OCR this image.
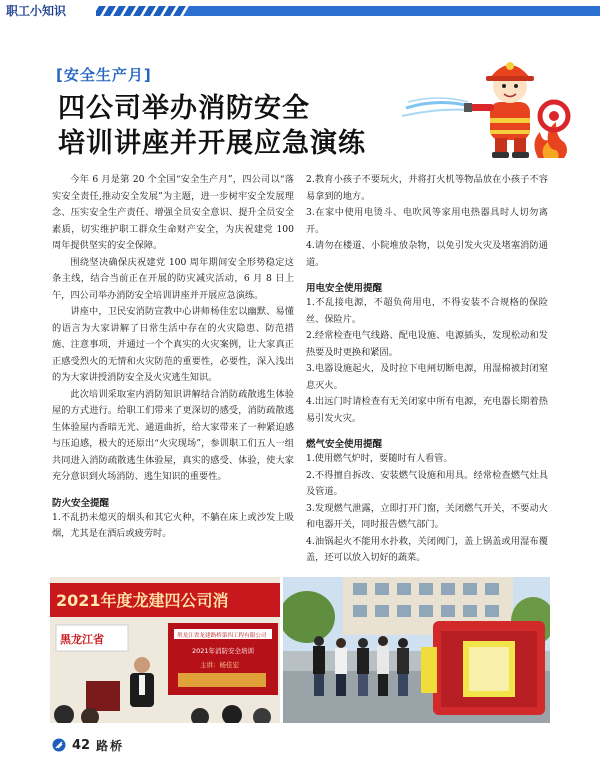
职工小知识
[安全生产月]
四公司举办消防安全
培训讲座并开展应急演练

今年 6 月是第 20 个全国“安全生产月”，四公司以“落实安全责任,推动安全发展”为主题，进一步树牢安全发展理念、压实安全生产责任、增强全员安全意识、提升全员安全素质，切实维护职工群众生命财产安全，为庆祝建党 100 周年提供坚实的安全保障。

围绕坚决确保庆祝建党 100 周年期间安全形势稳定这条主线，结合当前正在开展的防灾减灾活动，6 月 8 日上午，四公司举办消防安全培训讲座并开展应急演练。

讲座中，卫民安消防宣教中心讲师杨佳宏以幽默、易懂的语言为大家讲解了日常生活中存在的火灾隐患、防范措施、注意事项，并通过一个个真实的火灾案例，让大家真正正感受烈火的无情和火灾防范的重要性，必要性，深入浅出的为大家讲授消防安全及火灾逃生知识。

此次培训采取室内消防知识讲解结合消防疏散逃生体验屋的方式进行。给职工们带来了更深切的感受，消防疏散逃生体验屋内香暗无光、通道曲折，给大家带来了一种紧迫感与压迫感，极大的还原出“火灾现场”，参训职工们五人一组共同进入消防疏散逃生体验屋，真实的感受、体验，使大家充分意识到火场消防、逃生知识的重要性。

防火安全提醒

1.不乱扔未熄灭的烟头和其它火种，不躺在床上或沙发上吸烟，尤其是在酒后或疲劳时。

2.教育小孩子不要玩火，并将打火机等物品放在小孩子不容易拿到的地方。

3.在家中使用电烫斗、电吹风等家用电热器具时人切勿离开。

4.请勿在楼道、小院堆放杂物，以免引发火灾及堵塞消防通道。

用电安全使用提醒

1.不乱接电源，不超负荷用电，不得安装不合规格的保险丝、保险片。

2.经常检查电气线路、配电设施、电源插头，发现松动和发热要及时更换和紧固。

3.电器设施起火，及时拉下电闸切断电源，用湿棉被封闭窒息灭火。

4.出远门时请检查有无关闭家中所有电源，充电器长期着热易引发火灾。

燃气安全使用提醒

1.使用燃气炉时，要随时有人看管。

2.不得擅自拆改、安装燃气设施和用具。经常检查燃气灶具及管道。

3.发现燃气泄露，立即打开门窗，关闭燃气开关，不要动火和电器开关，同时报告燃气部门。

4.油锅起火不能用水扑救，关闭阀门，盖上锅盖或用湿布覆盖，还可以放入切好的蔬菜。

2021年度龙建四公司消
黑龙江省	黑龙江省龙建路桥第四工程有限公司
2021年消防安全培训
主讲：杨佳宏
42 路桥
